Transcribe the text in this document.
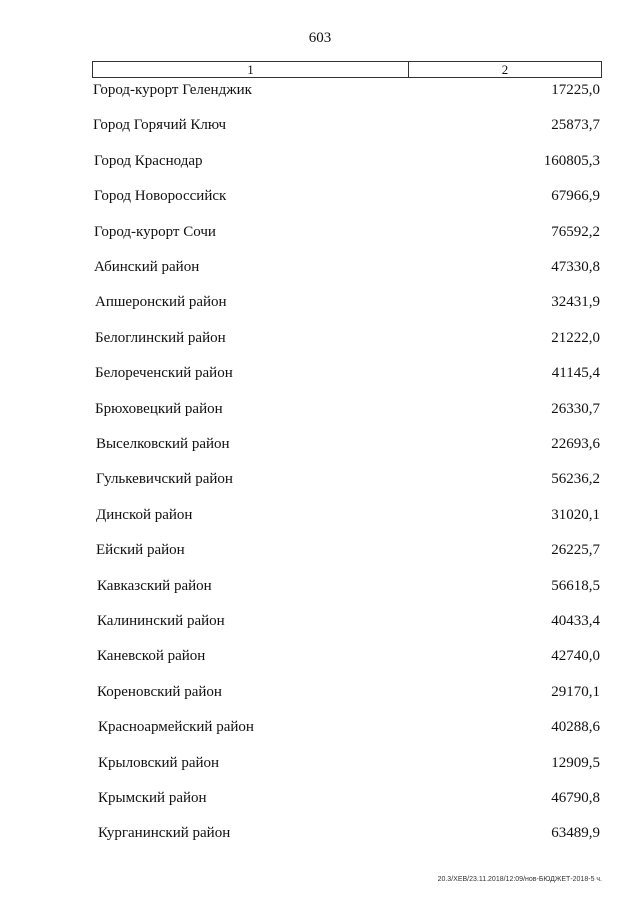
603
1	2
Город-курорт Геленджик	17225,0
Город Горячий Ключ	25873,7
Город Краснодар	160805,3
Город Новороссийск	67966,9
Город-курорт Сочи	76592,2
Абинский район	47330,8
Апшеронский район	32431,9
Белоглинский район	21222,0
Белореченский район	41145,4
Брюховецкий район	26330,7
Выселковский район	22693,6
Гулькевичский район	56236,2
Динской район	31020,1
Ейский район	26225,7
Кавказский район	56618,5
Калининский район	40433,4
Каневской район	42740,0
Кореновский район	29170,1
Красноармейский район	40288,6
Крыловский район	12909,5
Крымский район	46790,8
Курганинский район	63489,9
20.3/ХЕВ/23.11.2018/12:09/нов-БЮДЖЕТ-2018-5 ч.
